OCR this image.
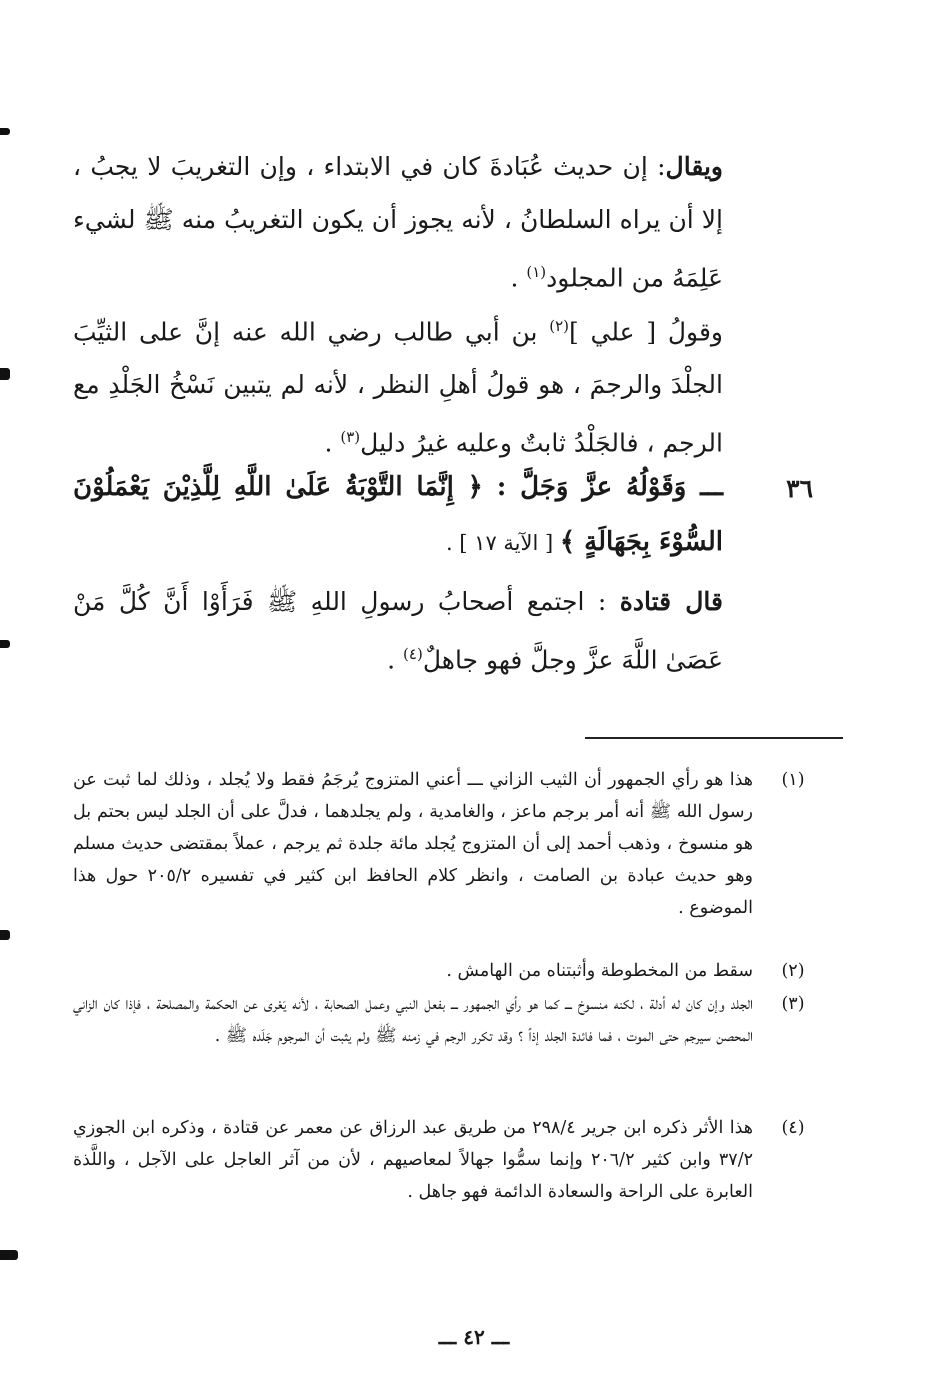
ويقال: إن حديث عُبَادةَ كان في الابتداء ، وإن التغريبَ لا يجبُ ، إلا أن يراه السلطانُ ، لأنه يجوز أن يكون التغريبُ منه ﷺ لشيء عَلِمَهُ من المجلود$^{(١)}$ .
وقولُ [ علي ]$^{(٢)}$ بن أبي طالب رضي الله عنه إنَّ على الثيِّبَ الجلْدَ والرجمَ ، هو قولُ أهلِ النظر ، لأنه لم يتبين نَسْخُ الجَلْدِ مع الرجم ، فالجَلْدُ ثابتٌ وعليه غيرُ دليل$^{(٣)}$ .
٣٦
ـــ وَقَوْلُهُ عزَّ وَجَلَّ : ﴿ إِنَّمَا التَّوْبَةُ عَلَىٰ اللَّهِ لِلَّذِيْنَ يَعْمَلُوْنَ السُّوْءَ بِجَهَالَةٍ ﴾ [ الآية ١٧ ] .
قال قتادة : اجتمع أصحابُ رسولِ اللهِ ﷺ فَرَأَوْا أَنَّ كُلَّ مَنْ عَصَىٰ اللَّهَ عزَّ وجلَّ فهو جاهلٌ$^{(٤)}$ .
(١)
هذا هو رأي الجمهور أن الثيب الزاني ـــ أعني المتزوج يُرجَمُ فقط ولا يُجلد ، وذلك لما ثبت عن رسول الله ﷺ أنه أمر برجم ماعز ، والغامدية ، ولم يجلدهما ، فدلَّ على أن الجلد ليس بحتم بل هو منسوخ ، وذهب أحمد إلى أن المتزوج يُجلد مائة جلدة ثم يرجم ، عملاً بمقتضى حديث مسلم وهو حديث عبادة بن الصامت ، وانظر كلام الحافظ ابن كثير في تفسيره ٢٠٥/٢ حول هذا الموضوع .
(٢)
سقط من المخطوطة وأثبتناه من الهامش .
(٣)
الجلد وإن كان له أدلة ، لكنه منسوخ ـــ كما هو رأي الجمهور ـــ بفعل النبي وعمل الصحابة ، لأنه يَعْرى عن الحكمة والمصلحة ، فإذا كان الزاني المحصن سيرجم حتى الموت ، فما فائدة الجلد إذاً ؟ وقد تكرر الرجم في زمنه ﷺ ولم يثبت أن المرجوم جَلَده ﷺ .
(٤)
هذا الأثر ذكره ابن جرير ٢٩٨/٤ من طريق عبد الرزاق عن معمر عن قتادة ، وذكره ابن الجوزي ٣٧/٢ وابن كثير ٢٠٦/٢ وإنما سمُّوا جهالاً لمعاصيهم ، لأن من آثر العاجل على الآجل ، واللَّذة العابرة على الراحة والسعادة الدائمة فهو جاهل .
ـــ ٤٢ ـــ
